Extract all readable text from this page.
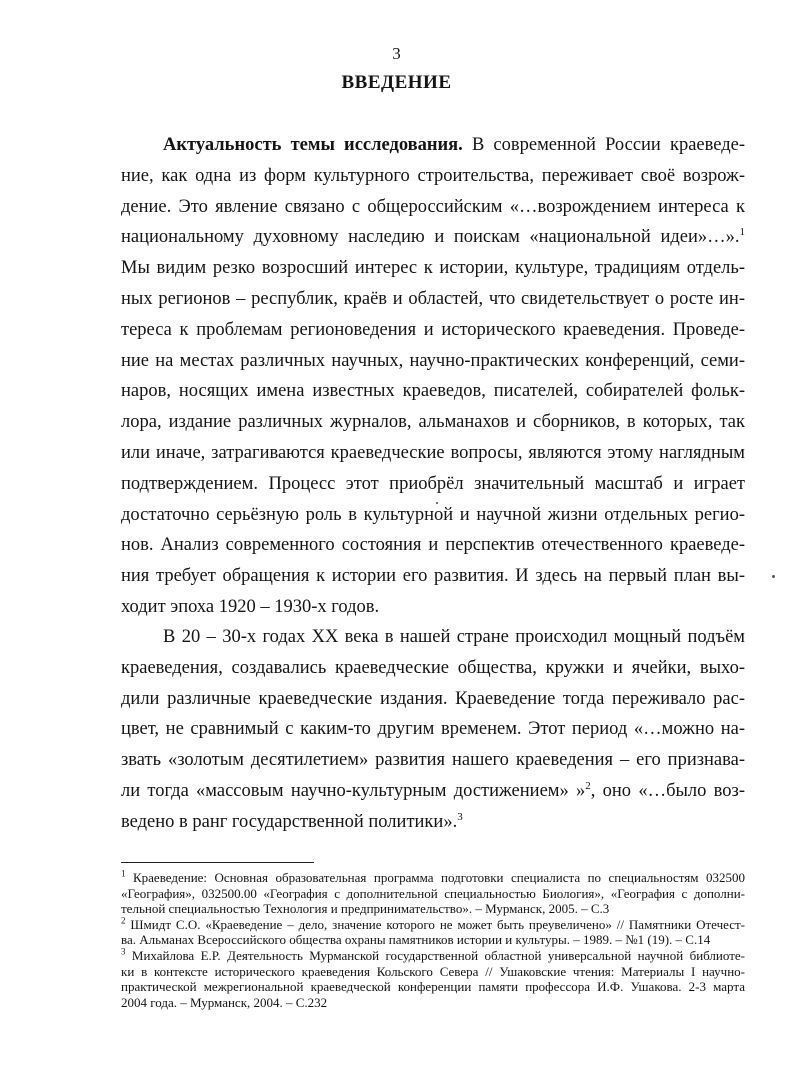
3
ВВЕДЕНИЕ
Актуальность темы исследования. В современной России краеведе-
ние, как одна из форм культурного строительства, переживает своё возрож-
дение. Это явление связано с общероссийским «…возрождением интереса к
национальному духовному наследию и поискам «национальной идеи»…».$^1$
Мы видим резко возросший интерес к истории, культуре, традициям отдель-
ных регионов – республик, краёв и областей, что свидетельствует о росте ин-
тереса к проблемам регионоведения и исторического краеведения. Проведе-
ние на местах различных научных, научно-практических конференций, семи-
наров, носящих имена известных краеведов, писателей, собирателей фольк-
лора, издание различных журналов, альманахов и сборников, в которых, так
или иначе, затрагиваются краеведческие вопросы, являются этому наглядным
подтверждением. Процесс этот приобрёл значительный масштаб и играет
достаточно серьёзную роль в культурной и научной жизни отдельных регио-
нов. Анализ современного состояния и перспектив отечественного краеведе-
ния требует обращения к истории его развития. И здесь на первый план вы-
ходит эпоха 1920 – 1930-х годов.
В 20 – 30-х годах XX века в нашей стране происходил мощный подъём
краеведения, создавались краеведческие общества, кружки и ячейки, выхо-
дили различные краеведческие издания. Краеведение тогда переживало рас-
цвет, не сравнимый с каким-то другим временем. Этот период «…можно на-
звать «золотым десятилетием» развития нашего краеведения – его признава-
ли тогда «массовым научно-культурным достижением» »$^2$, оно «…было воз-
ведено в ранг государственной политики».$^3$
$^1$ Краеведение: Основная образовательная программа подготовки специалиста по специальностям 032500
«География», 032500.00 «География с дополнительной специальностью Биология», «География с дополни-
тельной специальностью Технология и предпринимательство». – Мурманск, 2005. – С.3
$^2$ Шмидт С.О. «Краеведение – дело, значение которого не может быть преувеличено» // Памятники Отечест-
ва. Альманах Всероссийского общества охраны памятников истории и культуры. – 1989. – №1 (19). – С.14
$^3$ Михайлова Е.Р. Деятельность Мурманской государственной областной универсальной научной библиоте-
ки в контексте исторического краеведения Кольского Севера // Ушаковские чтения: Материалы I научно-
практической межрегиональной краеведческой конференции памяти профессора И.Ф. Ушакова. 2-3 марта
2004 года. – Мурманск, 2004. – С.232
